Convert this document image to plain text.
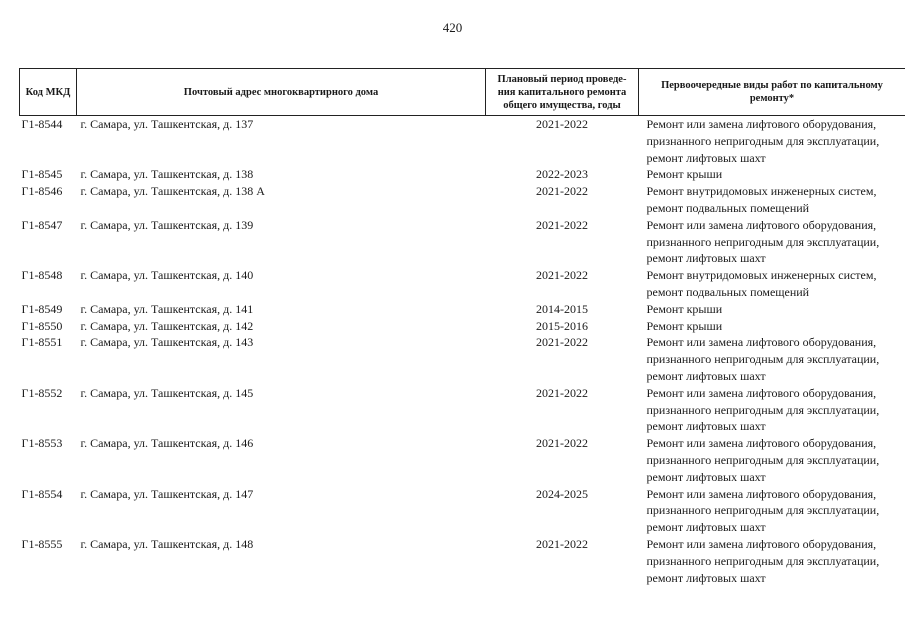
420
Код МКД	Почтовый адрес многоквартирного дома	Плановый период проведе-
ния капитального ремонта
общего имущества, годы	Первоочередные виды работ по капитальному
ремонту*

Г1-8544	г. Самара, ул. Ташкентская, д. 137	2021-2022	Ремонт или замена лифтового оборудования,
признанного непригодным для эксплуатации,
ремонт лифтовых шахт

Г1-8545	г. Самара, ул. Ташкентская, д. 138	2022-2023	Ремонт крыши

Г1-8546	г. Самара, ул. Ташкентская, д. 138 А	2021-2022	Ремонт внутридомовых инженерных систем,
ремонт подвальных помещений

Г1-8547	г. Самара, ул. Ташкентская, д. 139	2021-2022	Ремонт или замена лифтового оборудования,
признанного непригодным для эксплуатации,
ремонт лифтовых шахт

Г1-8548	г. Самара, ул. Ташкентская, д. 140	2021-2022	Ремонт внутридомовых инженерных систем,
ремонт подвальных помещений

Г1-8549	г. Самара, ул. Ташкентская, д. 141	2014-2015	Ремонт крыши

Г1-8550	г. Самара, ул. Ташкентская, д. 142	2015-2016	Ремонт крыши

Г1-8551	г. Самара, ул. Ташкентская, д. 143	2021-2022	Ремонт или замена лифтового оборудования,
признанного непригодным для эксплуатации,
ремонт лифтовых шахт

Г1-8552	г. Самара, ул. Ташкентская, д. 145	2021-2022	Ремонт или замена лифтового оборудования,
признанного непригодным для эксплуатации,
ремонт лифтовых шахт

Г1-8553	г. Самара, ул. Ташкентская, д. 146	2021-2022	Ремонт или замена лифтового оборудования,
признанного непригодным для эксплуатации,
ремонт лифтовых шахт

Г1-8554	г. Самара, ул. Ташкентская, д. 147	2024-2025	Ремонт или замена лифтового оборудования,
признанного непригодным для эксплуатации,
ремонт лифтовых шахт

Г1-8555	г. Самара, ул. Ташкентская, д. 148	2021-2022	Ремонт или замена лифтового оборудования,
признанного непригодным для эксплуатации,
ремонт лифтовых шахт
